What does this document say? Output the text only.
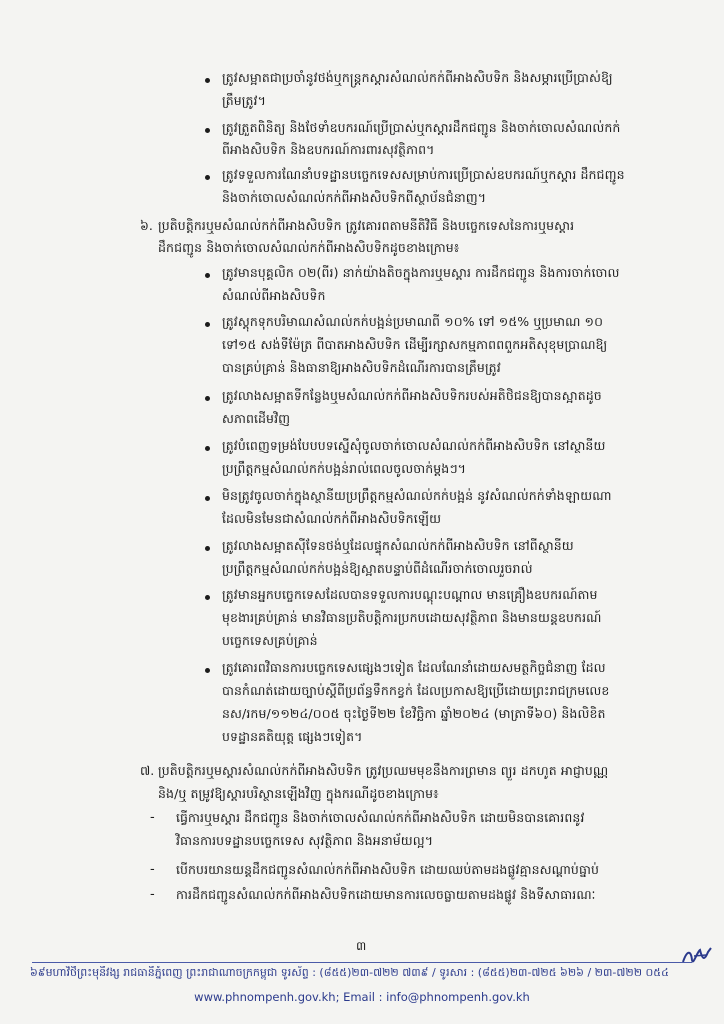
ត្រូវសម្អាតជាប្រចាំនូវថង់ឬកន្ត្រកស្តារសំណល់កក់ពីអាងសិបទិក និងសម្ភារប្រើប្រាស់ឱ្យ
ត្រឹមត្រូវ។
ត្រូវត្រួតពិនិត្យ និងថែទាំឧបករណ៍ប្រើប្រាស់ឬកស្តារដឹកជញ្ជូន និងចាក់ចោលសំណល់កក់
ពីអាងសិបទិក និងឧបករណ៍ការពារសុវត្ថិភាព។
ត្រូវទទួលការណែនាំបទដ្ឋានបច្ចេកទេសសម្រាប់ការប្រើប្រាស់ឧបករណ៍ឬកស្តារ ដឹកជញ្ជូន
និងចាក់ចោលសំណល់កក់ពីអាងសិបទិកពីស្ថាប័នជំនាញ។
៦. ប្រតិបត្តិករឬមសំណល់កក់ពីអាងសិបទិក ត្រូវគោរពតាមនីតិវិធី និងបច្ចេកទេសនៃការឬមស្តារ
ដឹកជញ្ជូន និងចាក់ចោលសំណល់កក់ពីអាងសិបទិកដូចខាងក្រោម៖
ត្រូវមានបុគ្គលិក ០២(ពីរ) នាក់យ៉ាងតិចក្នុងការឬមស្តារ ការដឹកជញ្ជូន និងការចាក់ចោល
សំណល់ពីអាងសិបទិក
ត្រូវស្តុកទុកបរិមាណសំណល់កក់បង្អន់ប្រមាណពី ១០% ទៅ ១៥% ឬប្រមាណ ១០
ទៅ១៥ សង់ទីម៉ែត្រ ពីបាតអាងសិបទិក ដើម្បីរក្សាសកម្មភាពពពួកអតិសុខុមប្រាណឱ្យ
បានគ្រប់គ្រាន់ និងធានាឱ្យអាងសិបទិកដំណើរការបានត្រឹមត្រូវ
ត្រូវលាងសម្អាតទីកន្លែងឬមសំណល់កក់ពីអាងសិបទិករបស់អតិថិជនឱ្យបានស្អាតដូច
សភាពដើមវិញ
ត្រូវបំពេញទម្រង់បែបបទស្នើសុំចូលចាក់ចោលសំណល់កក់ពីអាងសិបទិក នៅស្ថានីយ
ប្រព្រឹត្តកម្មសំណល់កក់បង្អន់រាល់ពេលចូលចាក់ម្តងៗ។
មិនត្រូវចូលចាក់ក្នុងស្ថានីយប្រព្រឹត្តកម្មសំណល់កក់បង្អន់ នូវសំណល់កក់ទាំងឡាយណា
ដែលមិនមែនជាសំណល់កក់ពីអាងសិបទិកឡើយ
ត្រូវលាងសម្អាតស៊ីទែនថង់ឬដែលផ្ទុកសំណល់កក់ពីអាងសិបទិក នៅពីស្ថានីយ
ប្រព្រឹត្តកម្មសំណល់កក់បង្អន់ឱ្យស្អាតបន្ទាប់ពីដំណើរចាក់ចោលរួចរាល់
ត្រូវមានអ្នកបច្ចេកទេសដែលបានទទួលការបណ្តុះបណ្តាល មានគ្រឿងឧបករណ៍តាម
មុខងារគ្រប់គ្រាន់ មានវិធានប្រតិបត្តិការប្រកបដោយសុវត្ថិភាព និងមានយន្តឧបករណ៍
បច្ចេកទេសគ្រប់គ្រាន់
ត្រូវគោរពវិធានការបច្ចេកទេសផ្សេងៗទៀត ដែលណែនាំដោយសមត្ថកិច្ចជំនាញ ដែល
បានកំណត់ដោយច្បាប់ស្តីពីប្រព័ន្ធទឹកកខ្វក់ ដែលប្រកាសឱ្យប្រើដោយព្រះរាជក្រមលេខ
នស/រកម/១១២៤/០០៥ ចុះថ្ងៃទី២២ ខែវិច្ឆិកា ឆ្នាំ២០២៤ (មាត្រាទី៦០) និងលិខិត
បទដ្ឋានគតិយុត្ត ផ្សេងៗទៀត។
៧. ប្រតិបត្តិករឬមស្តារសំណល់កក់ពីអាងសិបទិក ត្រូវប្រឈមមុខនឹងការព្រមាន ព្យួរ ដកហូត អាជ្ញាបណ្ណ
និង/ឬ តម្រូវឱ្យស្តារបរិស្ថានឡើងវិញ ក្នុងករណីដូចខាងក្រោម៖
- ធ្វើការឬមស្តារ ដឹកជញ្ជូន និងចាក់ចោលសំណល់កក់ពីអាងសិបទិក ដោយមិនបានគោរពនូវ
វិធានការបទដ្ឋានបច្ចេកទេស សុវត្ថិភាព និងអនាម័យល្អ។
- បើកបរយានយន្តដឹកជញ្ជូនសំណល់កក់ពីអាងសិបទិក ដោយឈប់តាមដងផ្លូវគ្មានសណ្តាប់ធ្នាប់
- ការដឹកជញ្ជូនសំណល់កក់ពីអាងសិបទិកដោយមានការលេចធ្លាយតាមដងផ្លូវ និងទីសាធារណៈ
៣
៦៩មហាវិថីព្រះមុនីវង្ស រាជធានីភ្នំពេញ ព្រះរាជាណាចក្រកម្ពុជា ទូរស័ព្ទ : (៨៥៥)២៣-៧២២ ៧៣៩ / ទូរសារ : (៨៥៥)២៣-៧២៥ ៦២៦ / ២៣-៧២២ ០៥៤
www.phnompenh.gov.kh; Email : info@phnompenh.gov.kh
